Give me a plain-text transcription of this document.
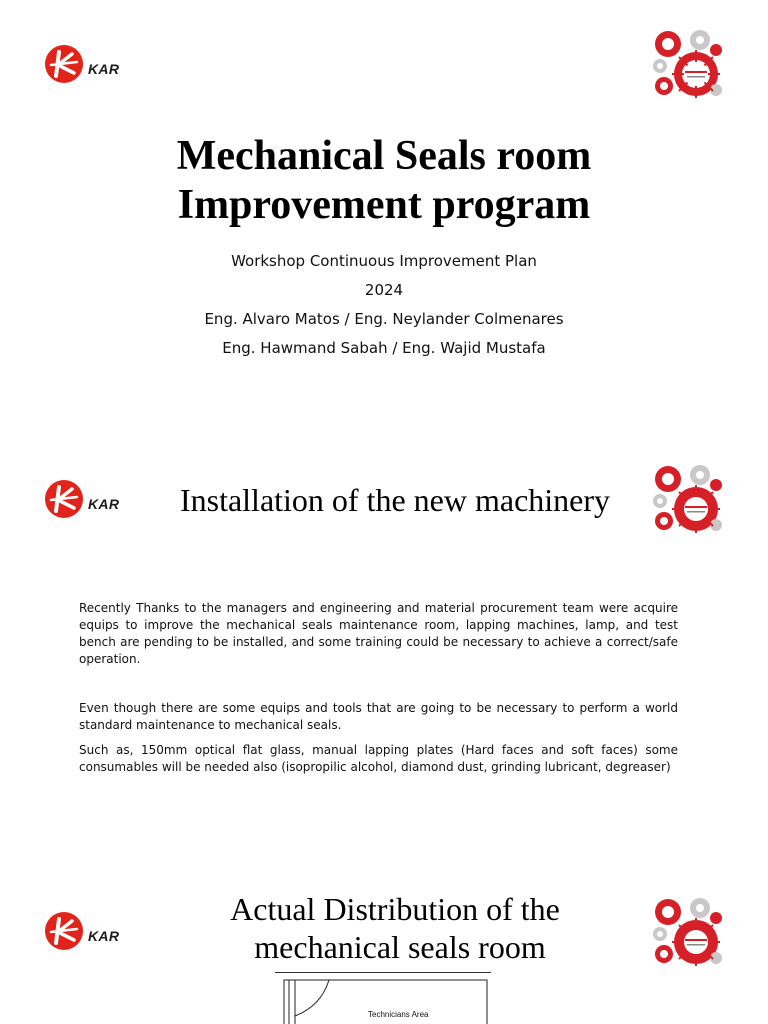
KAR
Mechanical Seals room
Improvement program
Workshop Continuous Improvement Plan
2024
Eng. Alvaro Matos / Eng. Neylander Colmenares
Eng. Hawmand Sabah / Eng. Wajid Mustafa
KAR	Installation of the new machinery

Recently Thanks to the managers and engineering and material procurement team were acquire equips to improve the mechanical seals maintenance room, lapping machines, lamp, and test bench are pending to be installed, and some training could be necessary to achieve a correct/safe operation.

Even though there are some equips and tools that are going to be necessary to perform a world standard maintenance to mechanical seals.

Such as, 150mm optical flat glass, manual lapping plates (Hard faces and soft faces) some consumables will be needed also (isopropilic alcohol, diamond dust, grinding lubricant, degreaser)

KAR
Actual Distribution of the
mechanical seals room
Technicians Area
